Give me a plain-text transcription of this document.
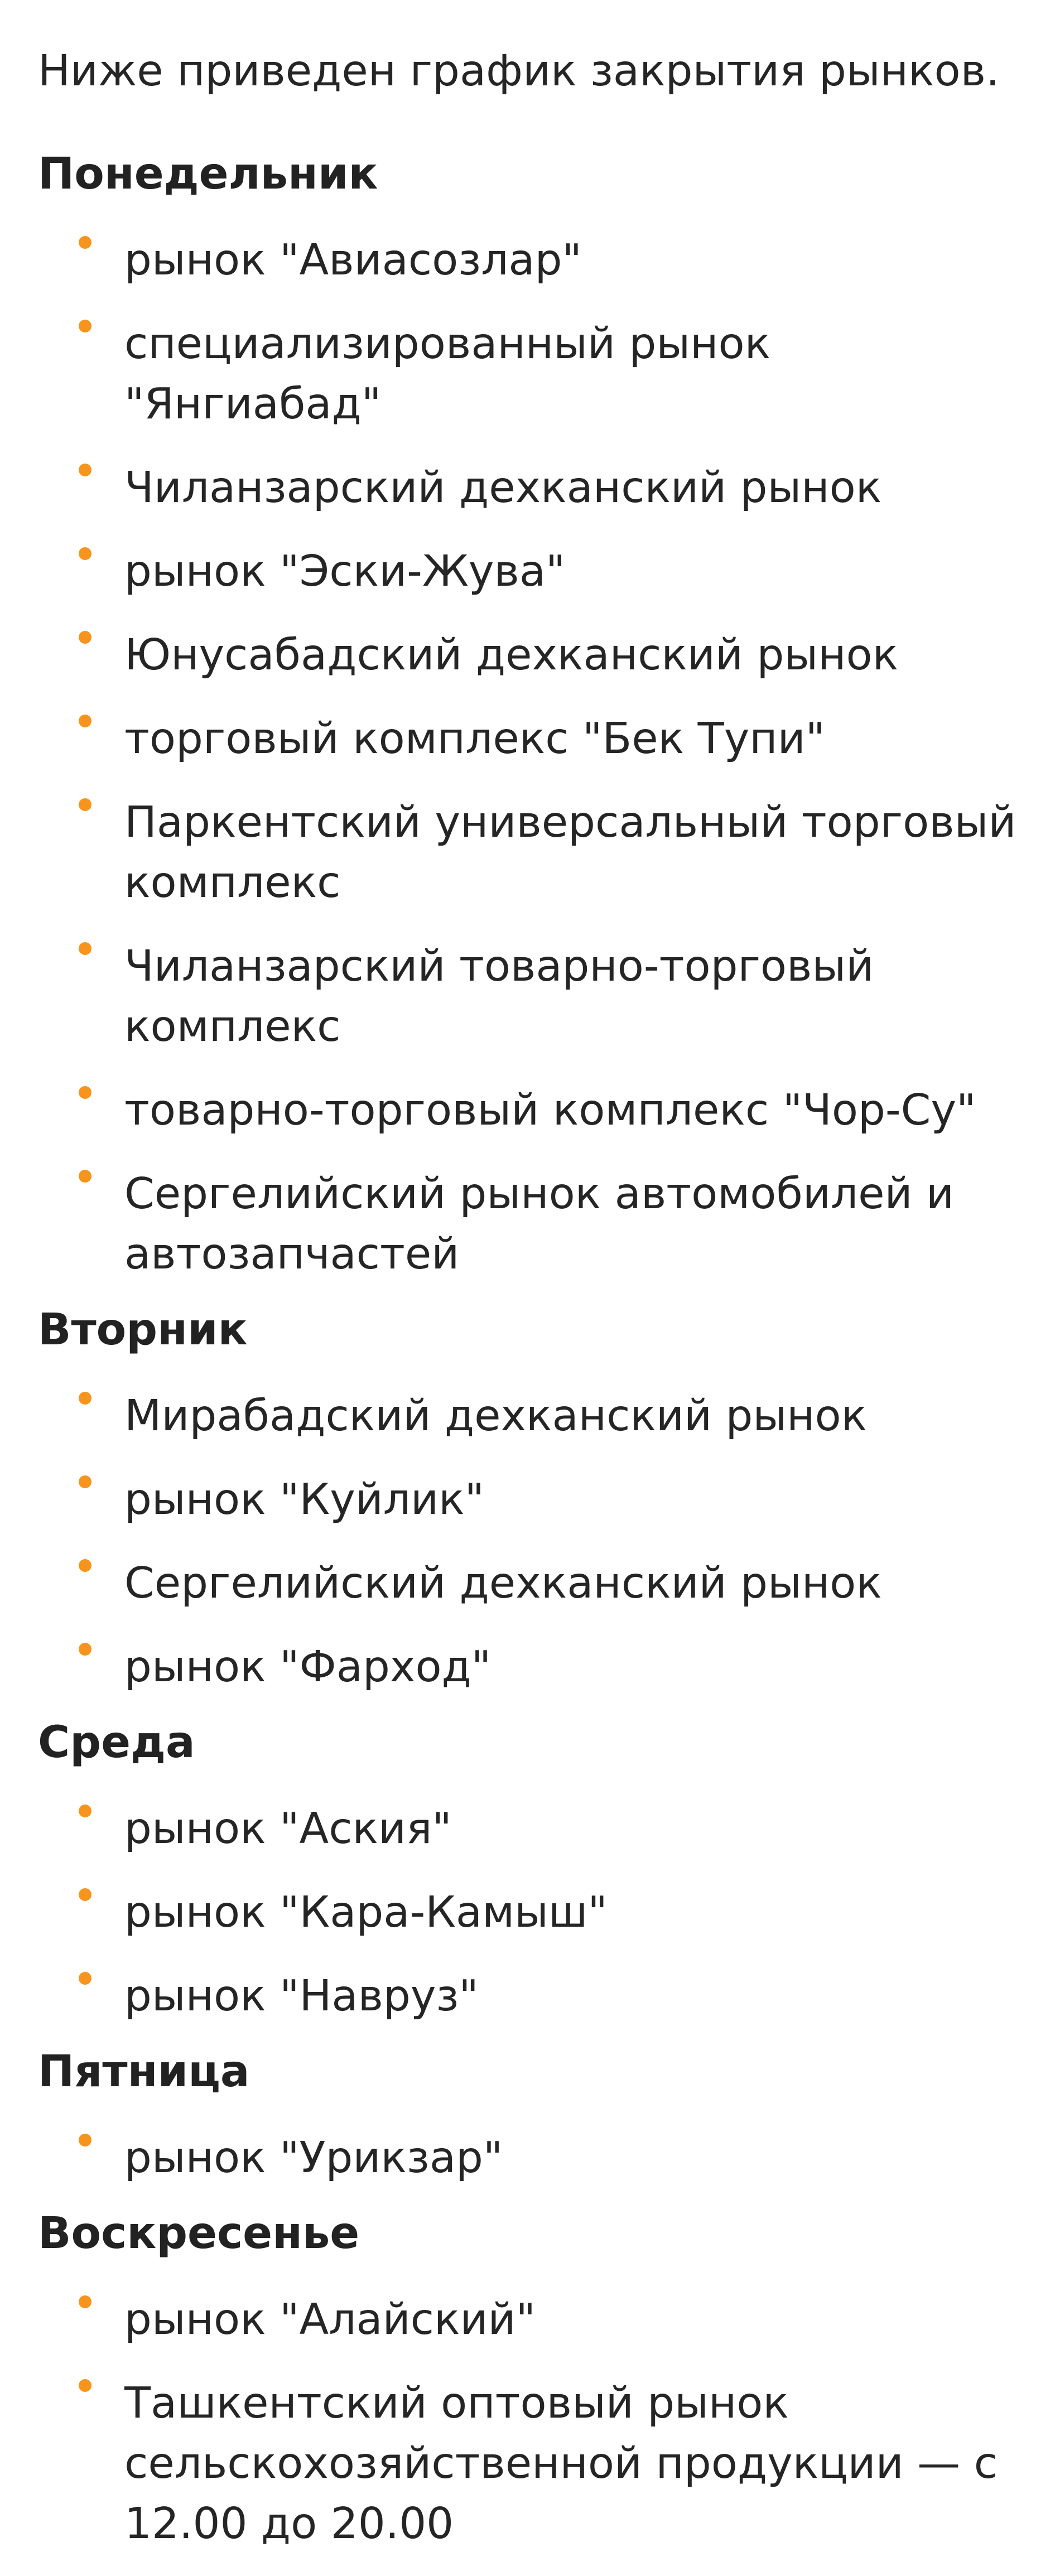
Ниже приведен график закрытия рынков.

Понедельник
рынок "Авиасозлар"
специализированный рынок "Янгиабад"
Чиланзарский дехканский рынок
рынок "Эски-Жува"
Юнусабадский дехканский рынок
торговый комплекс "Бек Тупи"
Паркентский универсальный торговый комплекс
Чиланзарский товарно-торговый комплекс
товарно-торговый комплекс "Чор-Су"
Сергелийский рынок автомобилей и автозапчастей
Вторник
Мирабадский дехканский рынок
рынок "Куйлик"
Сергелийский дехканский рынок
рынок "Фарход"
Среда
рынок "Аския"
рынок "Кара-Камыш"
рынок "Навруз"
Пятница
рынок "Урикзар"
Воскресенье
рынок "Алайский"
Ташкентский оптовый рынок сельскохозяйственной продукции — с 12.00 до 20.00
